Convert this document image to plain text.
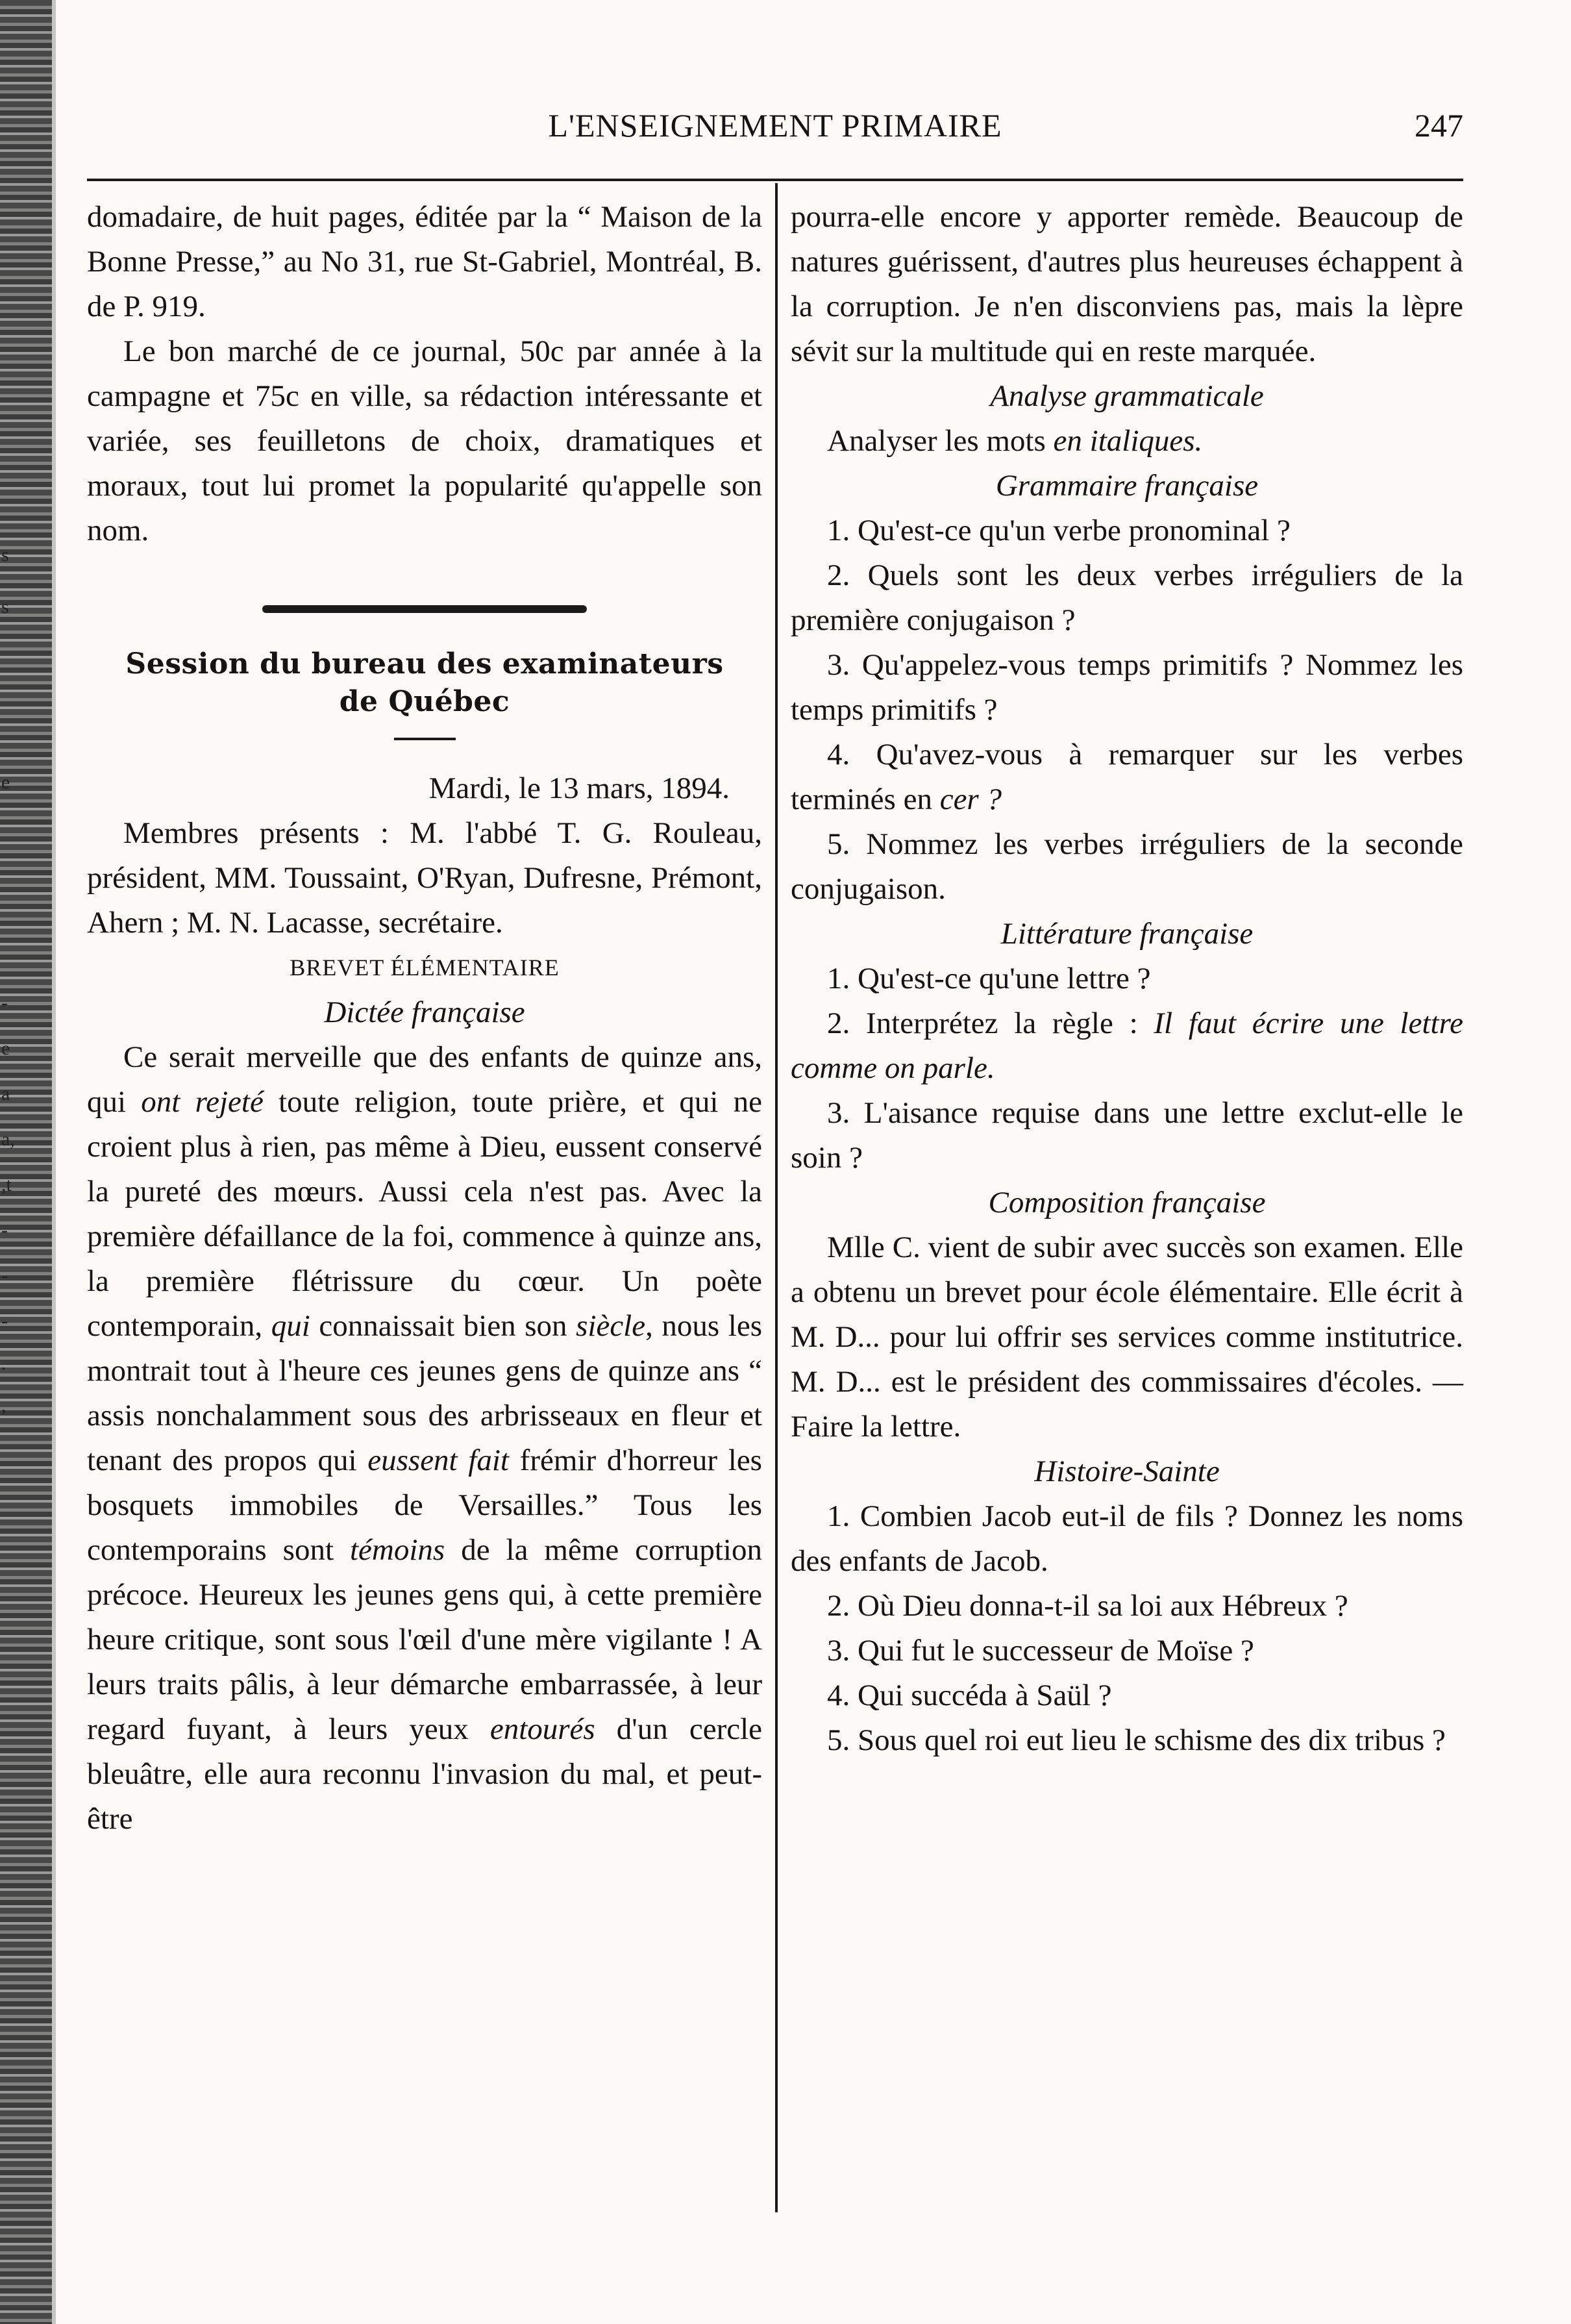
s
s
e
-
e
a
a,
,t
-
-
-
.
,
L'ENSEIGNEMENT PRIMAIRE	247

domadaire, de huit pages, éditée par la “ Maison de la Bonne Presse,” au No 31, rue St-Gabriel, Montréal, B. de P. 919.

Le bon marché de ce journal, 50c par année à la campagne et 75c en ville, sa rédaction intéressante et variée, ses feuilletons de choix, dramatiques et moraux, tout lui promet la popularité qu'appelle son nom.

Session du bureau des examinateurs
de Québec

Mardi, le 13 mars, 1894.

Membres présents : M. l'abbé T. G. Rouleau, président, MM. Toussaint, O'Ryan, Dufresne, Prémont, Ahern ; M. N. Lacasse, secrétaire.

BREVET ÉLÉMENTAIRE

Dictée française

Ce serait merveille que des enfants de quinze ans, qui ont rejeté toute religion, toute prière, et qui ne croient plus à rien, pas même à Dieu, eussent conservé la pureté des mœurs. Aussi cela n'est pas. Avec la première défaillance de la foi, commence à quinze ans, la première flétrissure du cœur. Un poète contemporain, qui connaissait bien son siècle, nous les montrait tout à l'heure ces jeunes gens de quinze ans “ assis nonchalamment sous des arbrisseaux en fleur et tenant des propos qui eussent fait frémir d'horreur les bosquets immobiles de Versailles.” Tous les contemporains sont témoins de la même corruption précoce. Heureux les jeunes gens qui, à cette première heure critique, sont sous l'œil d'une mère vigilante ! A leurs traits pâlis, à leur démarche embarrassée, à leur regard fuyant, à leurs yeux entourés d'un cercle bleuâtre, elle aura reconnu l'invasion du mal, et peut-être

pourra-elle encore y apporter remède. Beaucoup de natures guérissent, d'autres plus heureuses échappent à la corruption. Je n'en disconviens pas, mais la lèpre sévit sur la multitude qui en reste marquée.

Analyse grammaticale

Analyser les mots en italiques.

Grammaire française

1. Qu'est-ce qu'un verbe pronominal ?

2. Quels sont les deux verbes irréguliers de la première conjugaison ?

3. Qu'appelez-vous temps primitifs ? Nommez les temps primitifs ?

4. Qu'avez-vous à remarquer sur les verbes terminés en cer ?

5. Nommez les verbes irréguliers de la seconde conjugaison.

Littérature française

1. Qu'est-ce qu'une lettre ?

2. Interprétez la règle : Il faut écrire une lettre comme on parle.

3. L'aisance requise dans une lettre exclut-elle le soin ?

Composition française

Mlle C. vient de subir avec succès son examen. Elle a obtenu un brevet pour école élémentaire. Elle écrit à M. D... pour lui offrir ses services comme institutrice. M. D... est le président des commissaires d'écoles. —Faire la lettre.

Histoire-Sainte

1. Combien Jacob eut-il de fils ? Donnez les noms des enfants de Jacob.

2. Où Dieu donna-t-il sa loi aux Hébreux ?

3. Qui fut le successeur de Moïse ?

4. Qui succéda à Saül ?

5. Sous quel roi eut lieu le schisme des dix tribus ?
